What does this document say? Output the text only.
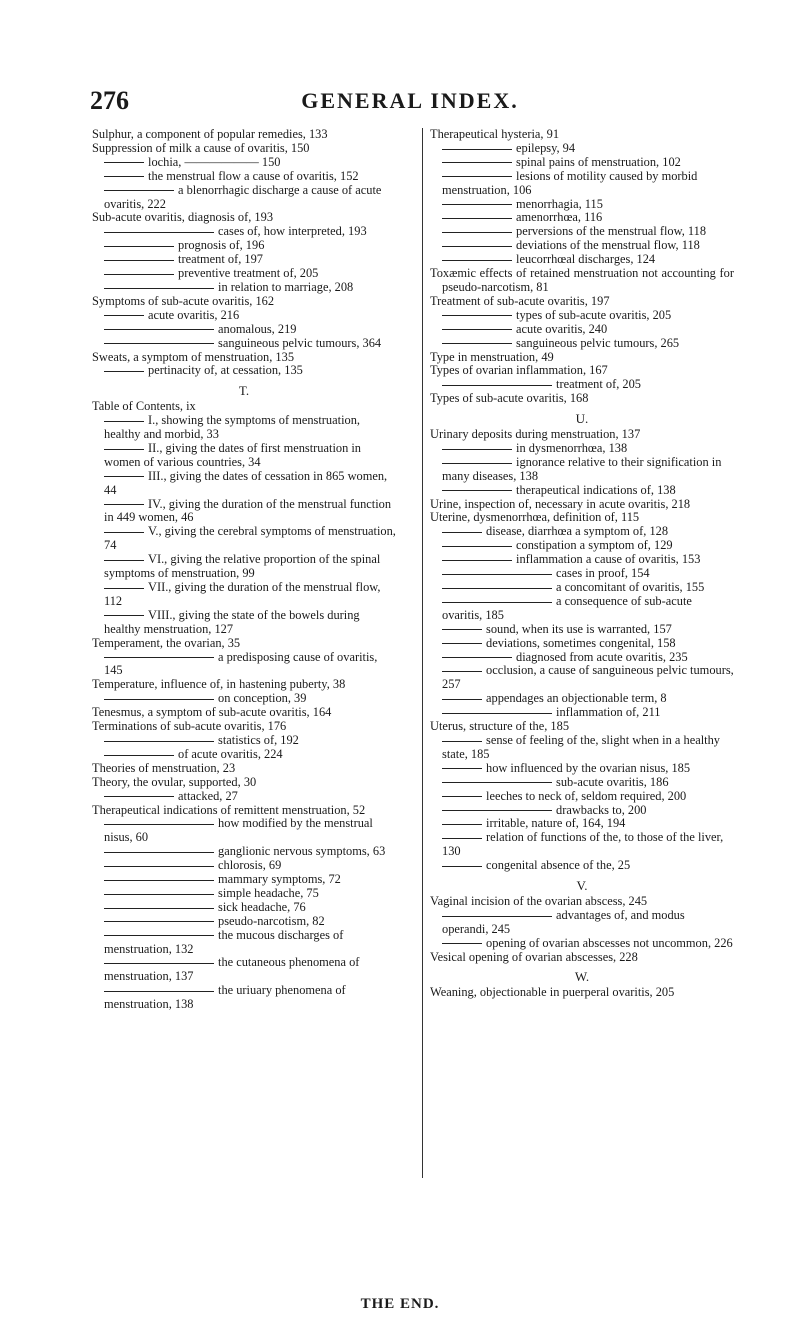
276	GENERAL INDEX.

Sulphur, a component of popular remedies, 133

Suppression of milk a cause of ovaritis, 150

lochia, —————— 150

the menstrual flow a cause of ovaritis, 152

a blenorrhagic discharge a cause of acute ovaritis, 222

Sub-acute ovaritis, diagnosis of, 193

cases of, how interpreted, 193

prognosis of, 196

treatment of, 197

preventive treatment of, 205

in relation to marriage, 208

Symptoms of sub-acute ovaritis, 162

acute ovaritis, 216

anomalous, 219

sanguineous pelvic tumours, 364

Sweats, a symptom of menstruation, 135

pertinacity of, at cessation, 135

T.

Table of Contents, ix

I., showing the symptoms of menstruation, healthy and morbid, 33

II., giving the dates of first menstruation in women of various countries, 34

III., giving the dates of cessation in 865 women, 44

IV., giving the duration of the menstrual function in 449 women, 46

V., giving the cerebral symptoms of menstruation, 74

VI., giving the relative proportion of the spinal symptoms of menstruation, 99

VII., giving the duration of the menstrual flow, 112

VIII., giving the state of the bowels during healthy menstruation, 127

Temperament, the ovarian, 35

a predisposing cause of ovaritis, 145

Temperature, influence of, in hastening puberty, 38

on conception, 39

Tenesmus, a symptom of sub-acute ovaritis, 164

Terminations of sub-acute ovaritis, 176

statistics of, 192

of acute ovaritis, 224

Theories of menstruation, 23

Theory, the ovular, supported, 30

attacked, 27

Therapeutical indications of remittent menstruation, 52

how modified by the menstrual nisus, 60

ganglionic nervous symptoms, 63

chlorosis, 69

mammary symptoms, 72

simple headache, 75

sick headache, 76

pseudo-narcotism, 82

the mucous discharges of menstruation, 132

the cutaneous phenomena of menstruation, 137

the uriuary phenomena of menstruation, 138

Therapeutical hysteria, 91

epilepsy, 94

spinal pains of menstruation, 102

lesions of motility caused by morbid menstruation, 106

menorrhagia, 115

amenorrhœa, 116

perversions of the menstrual flow, 118

deviations of the menstrual flow, 118

leucorrhœal discharges, 124

Toxæmic effects of retained menstruation not accounting for pseudo-narcotism, 81

Treatment of sub-acute ovaritis, 197

types of sub-acute ovaritis, 205

acute ovaritis, 240

sanguineous pelvic tumours, 265

Type in menstruation, 49

Types of ovarian inflammation, 167

treatment of, 205

Types of sub-acute ovaritis, 168

U.

Urinary deposits during menstruation, 137

in dysmenorrhœa, 138

ignorance relative to their signification in many diseases, 138

therapeutical indications of, 138

Urine, inspection of, necessary in acute ovaritis, 218

Uterine, dysmenorrhœa, definition of, 115

disease, diarrhœa a symptom of, 128

constipation a symptom of, 129

inflammation a cause of ovaritis, 153

cases in proof, 154

a concomitant of ovaritis, 155

a consequence of sub-acute ovaritis, 185

sound, when its use is warranted, 157

deviations, sometimes congenital, 158

diagnosed from acute ovaritis, 235

occlusion, a cause of sanguineous pelvic tumours, 257

appendages an objectionable term, 8

inflammation of, 211

Uterus, structure of the, 185

sense of feeling of the, slight when in a healthy state, 185

how influenced by the ovarian nisus, 185

sub-acute ovaritis, 186

leeches to neck of, seldom required, 200

drawbacks to, 200

irritable, nature of, 164, 194

relation of functions of the, to those of the liver, 130

congenital absence of the, 25

V.

Vaginal incision of the ovarian abscess, 245

advantages of, and modus operandi, 245

opening of ovarian abscesses not uncommon, 226

Vesical opening of ovarian abscesses, 228

W.

Weaning, objectionable in puerperal ovaritis, 205

THE END.
